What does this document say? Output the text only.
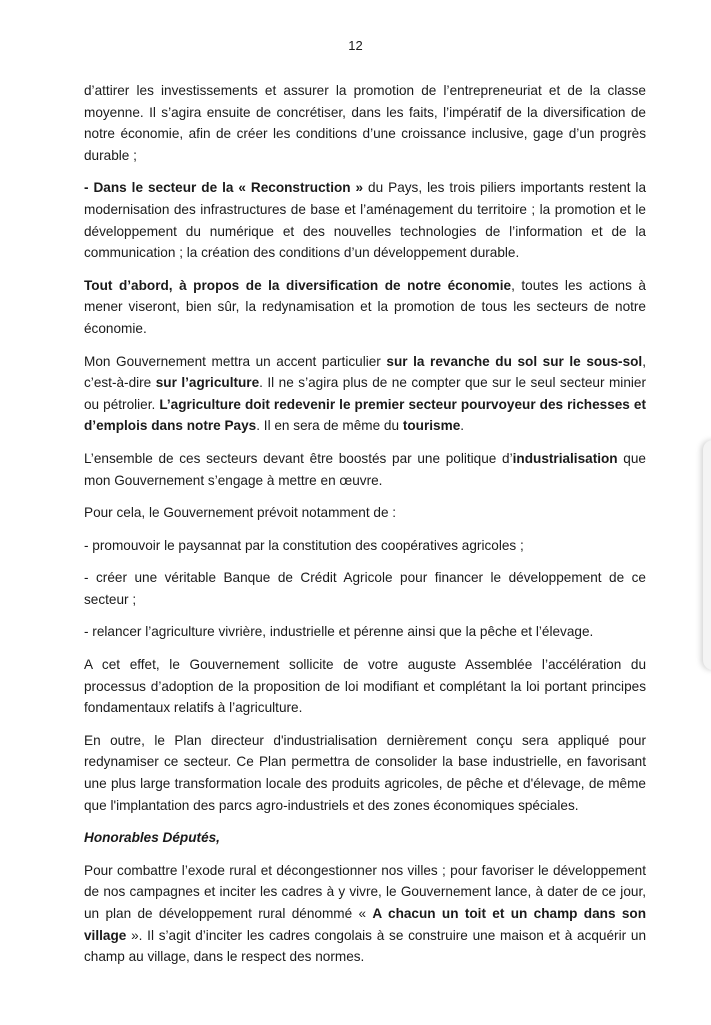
12

d’attirer les investissements et assurer la promotion de l’entrepreneuriat et de la classe moyenne. Il s’agira ensuite de concrétiser, dans les faits, l’impératif de la diversification de notre économie, afin de créer les conditions d’une croissance inclusive, gage d’un progrès durable ;

- Dans le secteur de la « Reconstruction » du Pays, les trois piliers importants restent la modernisation des infrastructures de base et l’aménagement du territoire ; la promotion et le développement du numérique et des nouvelles technologies de l’information et de la communication ; la création des conditions d’un développement durable.

Tout d’abord, à propos de la diversification de notre économie, toutes les actions à mener viseront, bien sûr, la redynamisation et la promotion de tous les secteurs de notre économie.

Mon Gouvernement mettra un accent particulier sur la revanche du sol sur le sous-sol, c’est-à-dire sur l’agriculture. Il ne s’agira plus de ne compter que sur le seul secteur minier ou pétrolier. L’agriculture doit redevenir le premier secteur pourvoyeur des richesses et d’emplois dans notre Pays. Il en sera de même du tourisme.

L’ensemble de ces secteurs devant être boostés par une politique d’industrialisation que mon Gouvernement s’engage à mettre en œuvre.

Pour cela, le Gouvernement prévoit notamment de :

- promouvoir le paysannat par la constitution des coopératives agricoles ;

- créer une véritable Banque de Crédit Agricole pour financer le développement de ce secteur ;

- relancer l’agriculture vivrière, industrielle et pérenne ainsi que la pêche et l’élevage.

A cet effet, le Gouvernement sollicite de votre auguste Assemblée l’accélération du processus d’adoption de la proposition de loi modifiant et complétant la loi portant principes fondamentaux relatifs à l’agriculture.

En outre, le Plan directeur d'industrialisation dernièrement conçu sera appliqué pour redynamiser ce secteur. Ce Plan permettra de consolider la base industrielle, en favorisant une plus large transformation locale des produits agricoles, de pêche et d'élevage, de même que l'implantation des parcs agro-industriels et des zones économiques spéciales.

Honorables Députés,

Pour combattre l’exode rural et décongestionner nos villes ; pour favoriser le développement de nos campagnes et inciter les cadres à y vivre, le Gouvernement lance, à dater de ce jour, un plan de développement rural dénommé « A chacun un toit et un champ dans son village ». Il s’agit d’inciter les cadres congolais à se construire une maison et à acquérir un champ au village, dans le respect des normes.
